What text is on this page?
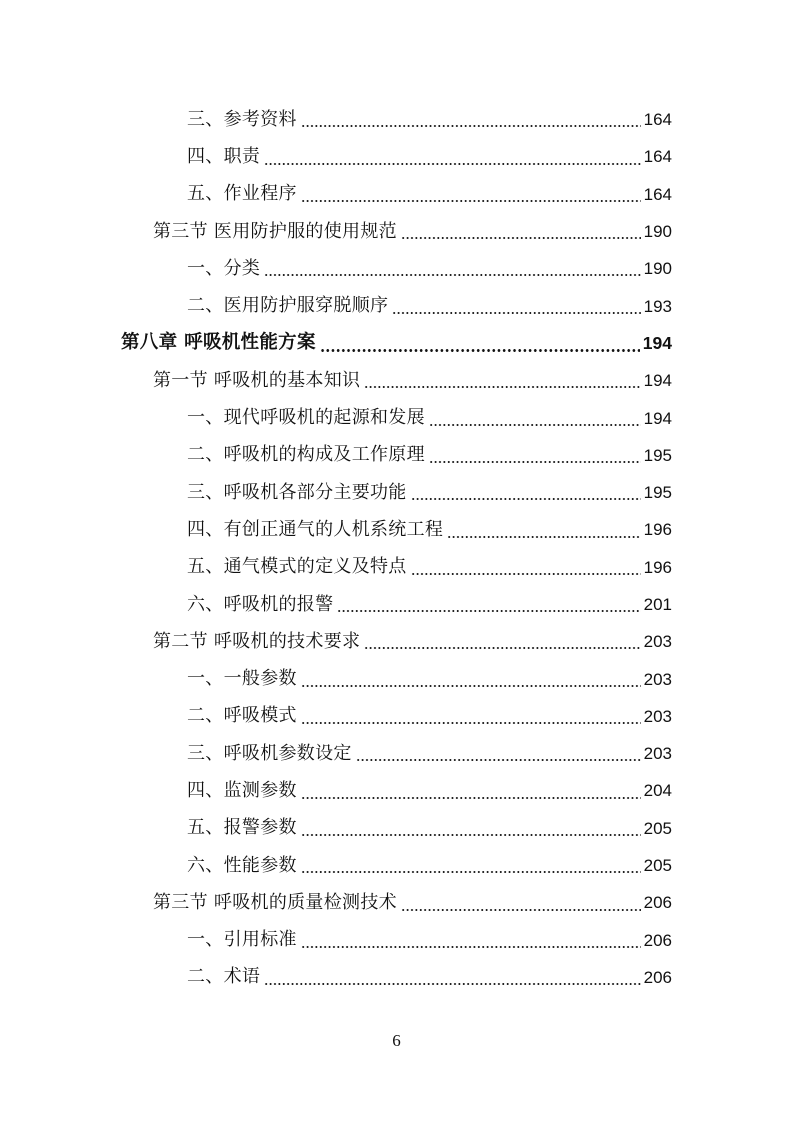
三、参考资料	164
四、职责	164
五、作业程序	164
第三节 医用防护服的使用规范	190
一、分类	190
二、医用防护服穿脱顺序	193
第八章 呼吸机性能方案	194
第一节 呼吸机的基本知识	194
一、现代呼吸机的起源和发展	194
二、呼吸机的构成及工作原理	195
三、呼吸机各部分主要功能	195
四、有创正通气的人机系统工程	196
五、通气模式的定义及特点	196
六、呼吸机的报警	201
第二节 呼吸机的技术要求	203
一、一般参数	203
二、呼吸模式	203
三、呼吸机参数设定	203
四、监测参数	204
五、报警参数	205
六、性能参数	205
第三节 呼吸机的质量检测技术	206
一、引用标准	206
二、术语	206
6
